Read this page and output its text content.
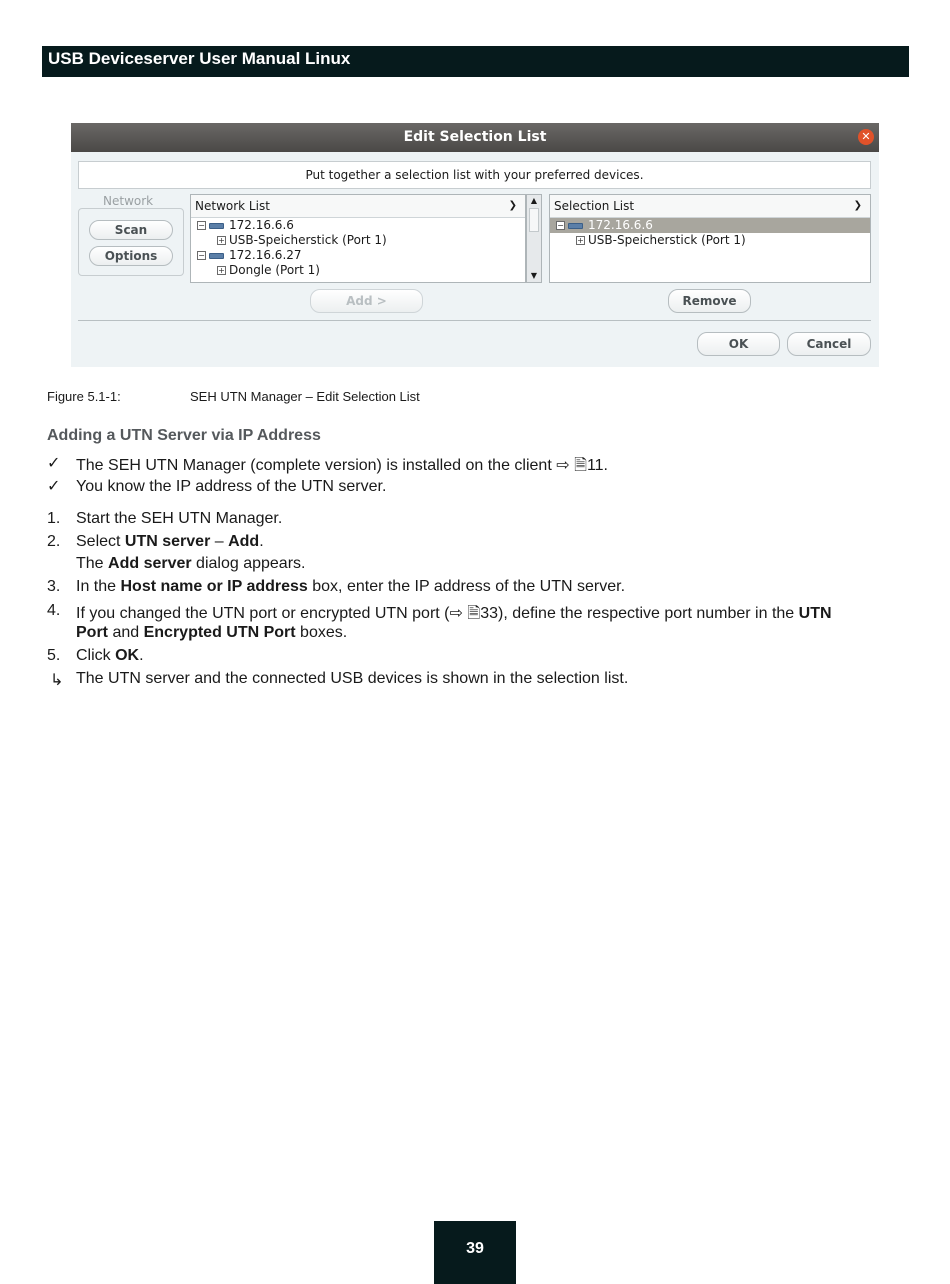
USB Deviceserver User Manual Linux
Edit Selection List	✕
Put together a selection list with your preferred devices.
Network
Scan
Options
Network List	❯
− 172.16.6.6
+ USB-Speicherstick (Port 1)
− 172.16.6.27
+ Dongle (Port 1)
▲
▼
Selection List	❯
− 172.16.6.6
+ USB-Speicherstick (Port 1)
Add >	Remove
OK	Cancel
Figure 5.1-1:	SEH UTN Manager – Edit Selection List
Adding a UTN Server via IP Address
✓ The SEH UTN Manager (complete version) is installed on the client ⇨ 🗎11.
✓ You know the IP address of the UTN server.
1. Start the SEH UTN Manager.
2. Select UTN server – Add.
The Add server dialog appears.
3. In the Host name or IP address box, enter the IP address of the UTN server.
4. If you changed the UTN port or encrypted UTN port (⇨ 🗎33), define the respective port number in the UTN
Port and Encrypted UTN Port boxes.
5. Click OK.
↳ The UTN server and the connected USB devices is shown in the selection list.
39
